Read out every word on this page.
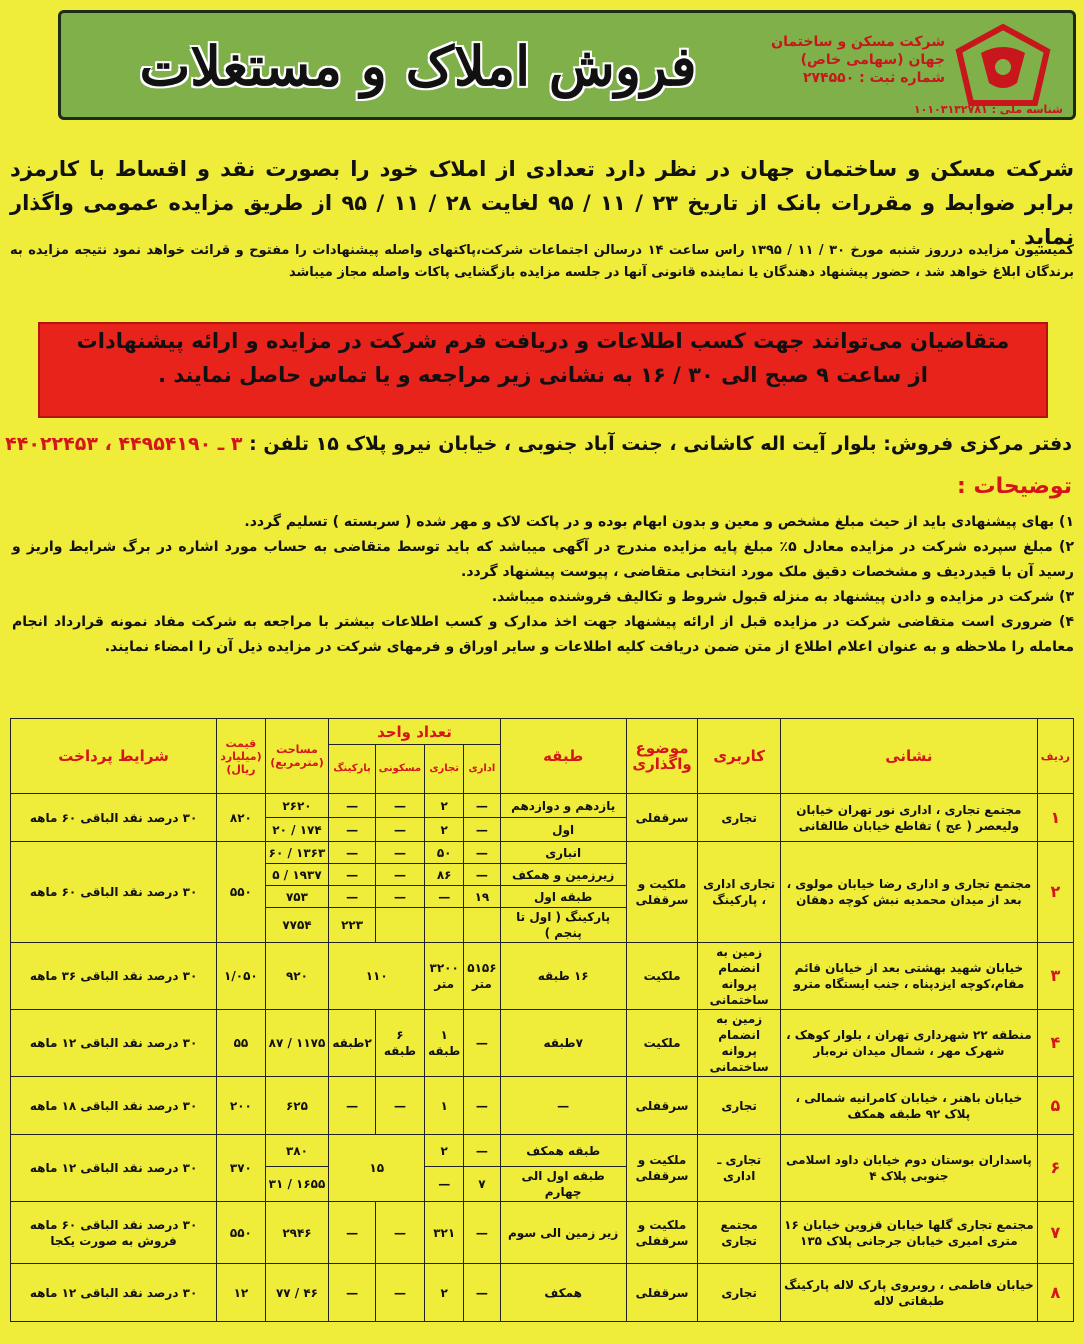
شرکت مسکن و ساختمان
جهان (سهامی خاص)
شماره ثبت : ۲۷۴۵۵۰
شناسه ملی : ۱۰۱۰۳۱۳۲۷۸۱
فروش املاک و مستغلات
شرکت مسکن و ساختمان جهان در نظر دارد تعدادی از املاک خود را بصورت نقد و اقساط با کارمزد برابر ضوابط و مقررات بانک از تاریخ ۲۳ / ۱۱ / ۹۵ لغایت ۲۸ / ۱۱ / ۹۵ از طریق مزایده عمومی واگذار نماید .
کمیسیون مزایده درروز شنبه مورخ ۳۰ / ۱۱ / ۱۳۹۵ راس ساعت ۱۴ درسالن اجتماعات شرکت،پاکتهای واصله پیشنهادات را مفتوح و قرائت خواهد نمود نتیجه مزایده به برندگان ابلاغ خواهد شد ، حضور پیشنهاد دهندگان یا نماینده قانونی آنها در جلسه مزایده بازگشایی پاکات واصله مجاز میباشد
متقاضیان می‌توانند جهت کسب اطلاعات و دریافت فرم شرکت در مزایده و ارائه پیشنهادات
از ساعت ۹ صبح الی ۳۰ / ۱۶ به نشانی زیر مراجعه و یا تماس حاصل نمایند .
دفتر مرکزی فروش: بلوار آیت اله کاشانی ، جنت آباد جنوبی ، خیابان نیرو پلاک ۱۵ تلفن : ۳ ـ ۴۴۹۵۴۱۹۰ ، ۴۴۰۲۲۴۵۳
توضیحات :

۱) بهای پیشنهادی باید از حیث مبلغ مشخص و معین و بدون ابهام بوده و در پاکت لاک و مهر شده ( سربسته ) تسلیم گردد.

۲) مبلغ سپرده شرکت در مزایده معادل ۵٪ مبلغ پایه مزایده مندرج در آگهی میباشد که باید توسط متقاضی به حساب مورد اشاره در برگ شرایط واریز و رسید آن با قیدردیف و مشخصات دقیق ملک مورد انتخابی متقاضی ، پیوست پیشنهاد گردد.

۳) شرکت در مزایده و دادن پیشنهاد به منزله قبول شروط و تکالیف فروشنده میباشد.

۴) ضروری است متقاضی شرکت در مزایده قبل از ارائه پیشنهاد جهت اخذ مدارک و کسب اطلاعات بیشتر با مراجعه به شرکت مفاد نمونه قرارداد انجام معامله را ملاحظه و به عنوان اعلام اطلاع از متن ضمن دریافت کلیه اطلاعات و سایر اوراق و فرمهای شرکت در مزایده ذیل آن را امضاء نمایند.

ردیف	نشانی	کاربری	موضوع واگذاری	طبقه	تعداد واحد				مساحت (مترمربع)	قیمت (میلیارد ریال)	شرایط پرداخت
					اداری	تجاری	مسکونی	پارکینگ			
۱	مجتمع تجاری ، اداری نور تهران خیابان ولیعصر ( عج ) تقاطع خیابان طالقانی	تجاری	سرقفلی	یازدهم و دوازدهم	—	۲	—	—	۲۶۲۰	۸۲۰	۳۰ درصد نقد الباقی ۶۰ ماهه
				اول	—	۲	—	—	۱۷۴ / ۲۰		
۲	مجتمع تجاری و اداری رضا خیابان مولوی ، بعد از میدان محمدیه نبش کوچه دهقان	تجاری اداری ، پارکینگ	ملکیت و سرقفلی	انباری	—	۵۰	—	—	۱۳۶۳ / ۶۰	۵۵۰	۳۰ درصد نقد الباقی ۶۰ ماهه
				زیرزمین و همکف	—	۸۶	—	—	۱۹۳۷ / ۵		
				طبقه اول	۱۹	—	—	—	۷۵۳		
				پارکینگ ( اول تا پنجم )				۲۲۳	۷۷۵۴		
۳	خیابان شهید بهشتی بعد از خیابان قائم مقام،کوچه ایزدپناه ، جنب ایستگاه مترو	زمین به انضمام پروانه ساختمانی	ملکیت	۱۶ طبقه	۵۱۵۶ متر	۳۲۰۰ متر	۱۱۰		۹۲۰	۱/۰۵۰	۳۰ درصد نقد الباقی ۳۶ ماهه
۴	منطقه ۲۲ شهرداری تهران ، بلوار کوهک ، شهرک مهر ، شمال میدان نره‌بار	زمین به انضمام پروانه ساختمانی	ملکیت	۷طبقه	—	۱ طبقه	۶ طبقه	۲طبقه	۱۱۷۵ / ۸۷	۵۵	۳۰ درصد نقد الباقی ۱۲ ماهه
۵	خیابان باهنر ، خیابان کامرانیه شمالی ، پلاک ۹۲ طبقه همکف	تجاری	سرقفلی	—	—	۱	—	—	۶۲۵	۲۰۰	۳۰ درصد نقد الباقی ۱۸ ماهه
۶	پاسداران بوستان دوم خیابان داود اسلامی جنوبی پلاک ۴	تجاری ـ اداری	ملکیت و سرقفلی	طبقه همکف	—	۲	۱۵		۳۸۰	۳۷۰	۳۰ درصد نقد الباقی ۱۲ ماهه
				طبقه اول الی چهارم	۷	—			۱۶۵۵ / ۳۱		
۷	مجتمع تجاری گلها خیابان قزوین خیابان ۱۶ متری امیری خیابان جرجانی پلاک ۱۳۵	مجتمع تجاری	ملکیت و سرقفلی	زیر زمین الی سوم	—	۳۲۱	—	—	۲۹۴۶	۵۵۰	۳۰ درصد نقد الباقی ۶۰ ماهه فروش به صورت یکجا
۸	خیابان فاطمی ، روبروی پارک لاله پارکینگ طبقاتی لاله	تجاری	سرقفلی	همکف	—	۲	—	—	۴۶ / ۷۷	۱۲	۳۰ درصد نقد الباقی ۱۲ ماهه
